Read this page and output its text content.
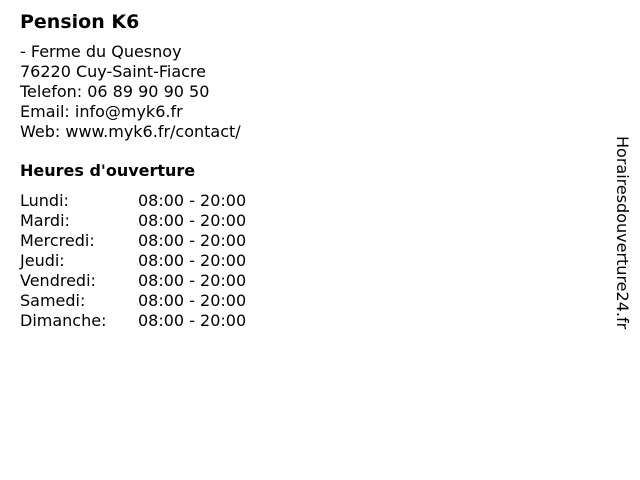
Pension K6
- Ferme du Quesnoy
76220 Cuy-Saint-Fiacre
Telefon: 06 89 90 90 50
Email: info@myk6.fr
Web: www.myk6.fr/contact/
Heures d'ouverture
Lundi:	08:00 - 20:00
Mardi:	08:00 - 20:00
Mercredi:	08:00 - 20:00
Jeudi:	08:00 - 20:00
Vendredi:	08:00 - 20:00
Samedi:	08:00 - 20:00
Dimanche:	08:00 - 20:00	Horairesdouverture24.fr
